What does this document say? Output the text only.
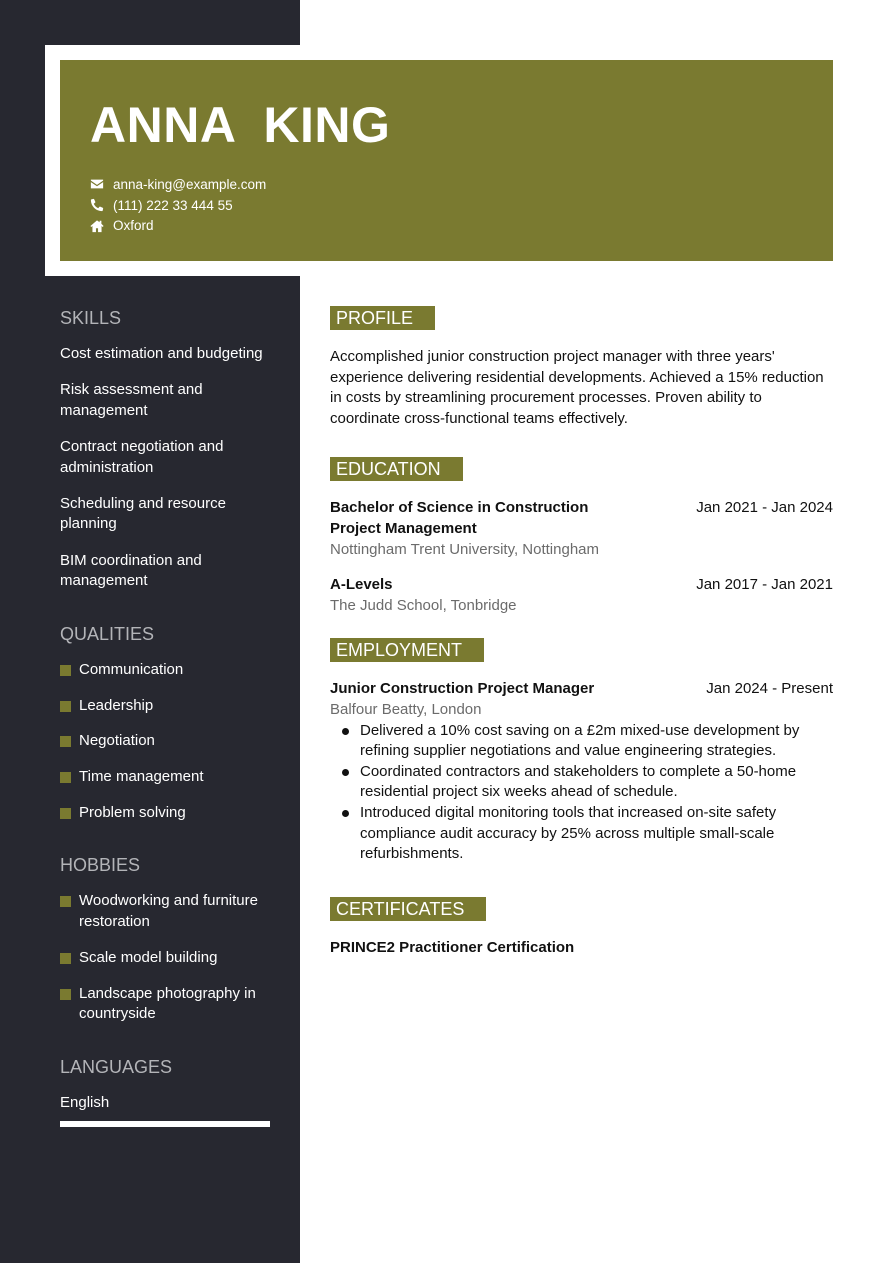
ANNA KING
anna-king@example.com
(111) 222 33 444 55
Oxford
SKILLS
Cost estimation and budgeting
Risk assessment and management
Contract negotiation and administration
Scheduling and resource planning
BIM coordination and management
QUALITIES
Communication
Leadership
Negotiation
Time management
Problem solving
HOBBIES
Woodworking and furniture restoration
Scale model building
Landscape photography in countryside
LANGUAGES
English
PROFILE
Accomplished junior construction project manager with three years' experience delivering residential developments. Achieved a 15% reduction in costs by streamlining procurement processes. Proven ability to coordinate cross-functional teams effectively.
EDUCATION
Bachelor of Science in Construction Project Management
Jan 2021 - Jan 2024
Nottingham Trent University, Nottingham
A-Levels	Jan 2017 - Jan 2021
The Judd School, Tonbridge
EMPLOYMENT
Junior Construction Project Manager	Jan 2024 - Present
Balfour Beatty, London
Delivered a 10% cost saving on a £2m mixed-use development by refining supplier negotiations and value engineering strategies.
Coordinated contractors and stakeholders to complete a 50-home residential project six weeks ahead of schedule.
Introduced digital monitoring tools that increased on-site safety compliance audit accuracy by 25% across multiple small-scale refurbishments.
CERTIFICATES
PRINCE2 Practitioner Certification
